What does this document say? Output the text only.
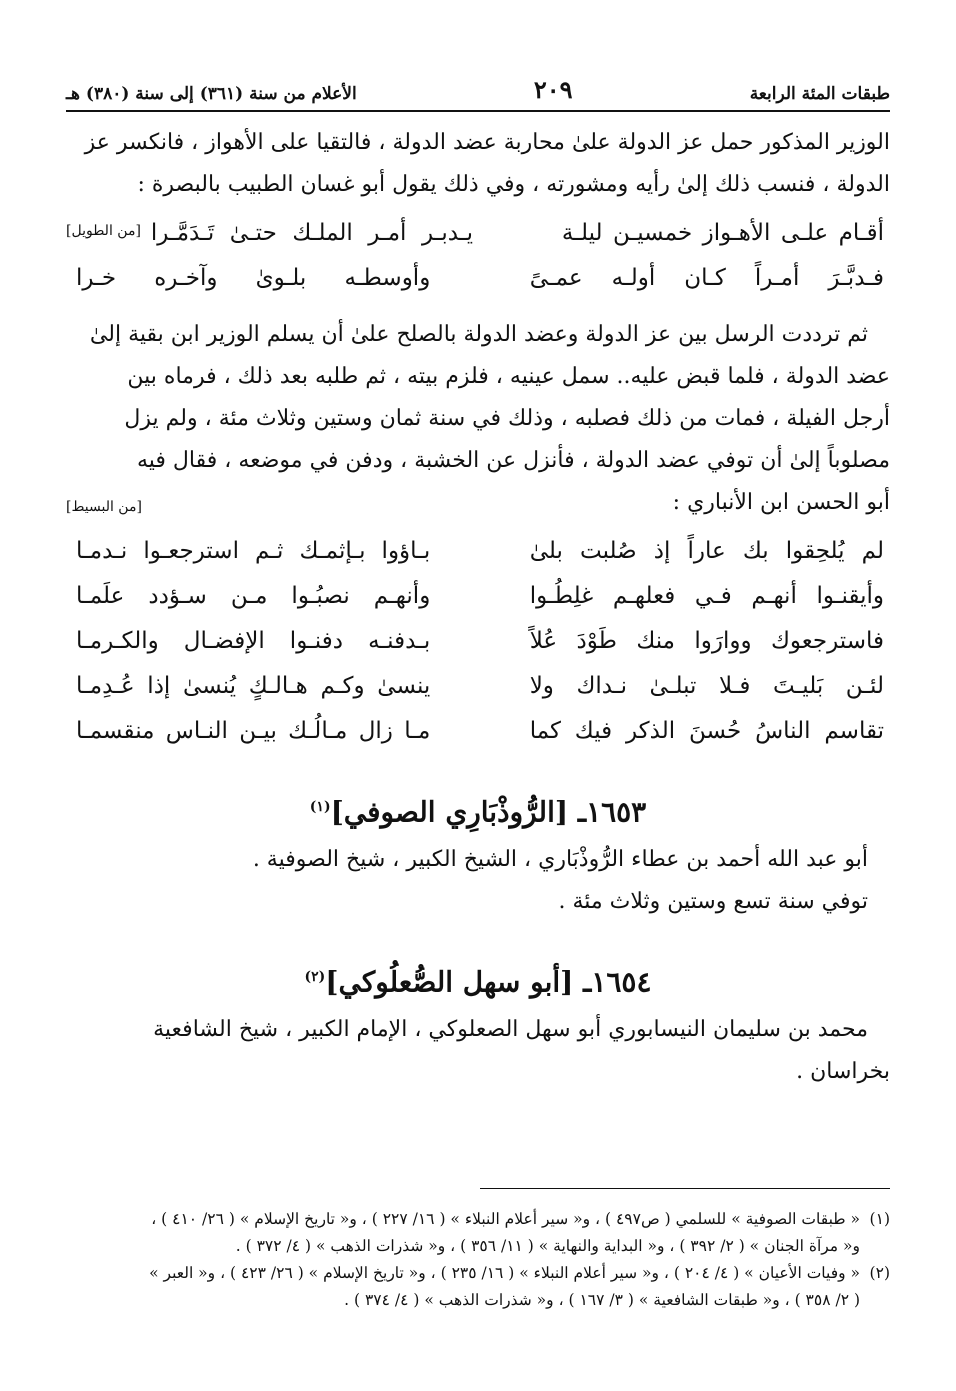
طبقات المئة الرابعة
٢٠٩
الأعلام من سنة (٣٦١) إلى سنة (٣٨٠) هـ

الوزير المذكور حمل عز الدولة علىٰ محاربة عضد الدولة ، فالتقيا على الأهواز ، فانكسر عز

الدولة ، فنسب ذلك إلىٰ رأيه ومشورته ، وفي ذلك يقول أبو غسان الطبيب بالبصرة :
[من الطويل]	أقـام علـى الأهـواز خمسيـن ليلـة
يـدبـر أمـر الملـك حتـىٰ تَـدَمَّـرا
فـدبَّـرَ أمـراً كـان أولـه عمـىً
وأوسطـه بلـوىٰ وآخـره خـرا

ثم ترددت الرسل بين عز الدولة وعضد الدولة بالصلح علىٰ أن يسلم الوزير ابن بقية إلىٰ

عضد الدولة ، فلما قبض عليه.. سمل عينيه ، فلزم بيته ، ثم طلبه بعد ذلك ، فرماه بين

أرجل الفيلة ، فمات من ذلك فصلبه ، وذلك في سنة ثمان وستين وثلاث مئة ، ولم يزل

مصلوباً إلىٰ أن توفي عضد الدولة ، فأنزل عن الخشبة ، ودفن في موضعه ، فقال فيه

أبو الحسن ابن الأنباري :
[من البسيط]

لم يُلحِقوا بك عاراً إذ صُلبت بلىٰ
بـاؤوا بـإثمـك ثـم استرجعـوا نـدمـا
وأيقنـوا أنهـم فـي فعلهـم غلِطُـوا
وأنهـم نصبُـوا مـن سـؤدد علَمـا
فاسترجعوك ووارَوا منك طَوْدَ عُلاً
بـدفنـه دفنـوا الإفضـال والكـرمـا
لئـن بَليـتَ فـلا تبلـىٰ نـداك ولا
ينسىٰ وكـم هـالـكٍ يُنسىٰ إذا عُـدِمـا
تقاسم الناسُ حُسنَ الذكر فيك كما
مـا زال مـالُـك بيـن النـاس منقسمـا
١٦٥٣ـ [الرُّوذْبَارِي الصوفي]$^{(١)}$

أبو عبد الله أحمد بن عطاء الرُّوذْبَاري ، الشيخ الكبير ، شيخ الصوفية .

توفي سنة تسع وستين وثلاث مئة .

١٦٥٤ـ [أبو سهل الصُّعلُوكي]$^{(٢)}$

محمد بن سليمان النيسابوري أبو سهل الصعلوكي ، الإمام الكبير ، شيخ الشافعية

بخراسان .

(١)
« طبقات الصوفية » للسلمي ( ص٤٩٧ ) ، و« سير أعلام النبلاء » ( ١٦/ ٢٢٧ ) ، و« تاريخ الإسلام » ( ٢٦/ ٤١٠ ) ،
و« مرآة الجنان » ( ٢/ ٣٩٢ ) ، و« البداية والنهاية » ( ١١/ ٣٥٦ ) ، و« شذرات الذهب » ( ٤/ ٣٧٢ ) .
(٢)
« وفيات الأعيان » ( ٤/ ٢٠٤ ) ، و« سير أعلام النبلاء » ( ١٦/ ٢٣٥ ) ، و« تاريخ الإسلام » ( ٢٦/ ٤٢٣ ) ، و« العبر »
( ٢/ ٣٥٨ ) ، و« طبقات الشافعية » ( ٣/ ١٦٧ ) ، و« شذرات الذهب » ( ٤/ ٣٧٤ ) .
